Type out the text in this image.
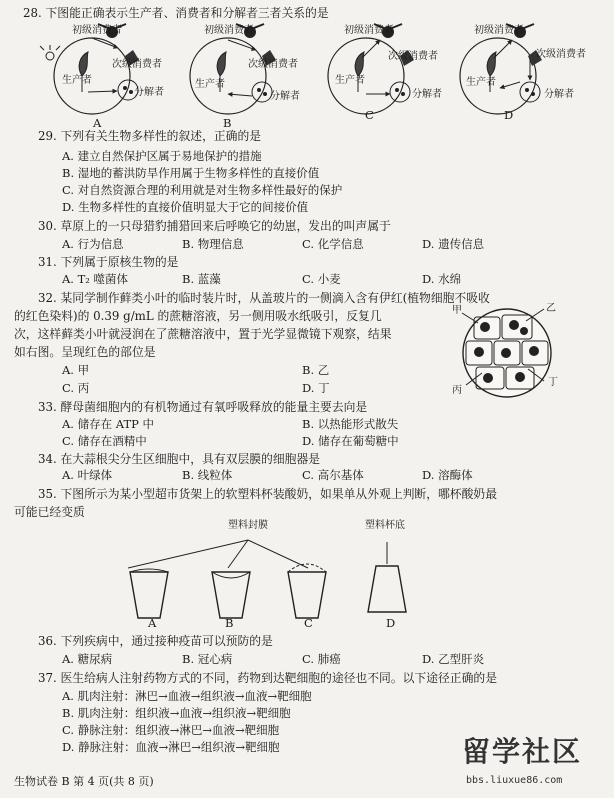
28. 下图能正确表示生产者、消费者和分解者三者关系的是
初级消费者
次级消费者
生产者
分解者
初级消费者
次级消费者
生产者
分解者
初级消费者
次级消费者
生产者
分解者
初级消费者
次级消费者
生产者
分解者
A	B
C	D
29. 下列有关生物多样性的叙述，正确的是
A. 建立自然保护区属于易地保护的措施
B. 湿地的蓄洪防旱作用属于生物多样性的直接价值
C. 对自然资源合理的利用就是对生物多样性最好的保护
D. 生物多样性的直接价值明显大于它的间接价值
30. 草原上的一只母猎豹捕猎回来后呼唤它的幼崽，发出的叫声属于
A. 行为信息	B. 物理信息	C. 化学信息	D. 遗传信息
31. 下列属于原核生物的是
A. T₂ 噬菌体	B. 蓝藻	C. 小麦	D. 水绵
32. 某同学制作藓类小叶的临时装片时，从盖玻片的一侧滴入含有伊红(植物细胞不吸收
的红色染料)的 0.39 g/mL 的蔗糖溶液，另一侧用吸水纸吸引，反复几
次，这样藓类小叶就浸润在了蔗糖溶液中，置于光学显微镜下观察，结果
如右图。呈现红色的部位是
A. 甲	B. 乙
C. 丙	D. 丁
甲	乙
丙
丁
33. 酵母菌细胞内的有机物通过有氧呼吸释放的能量主要去向是
A. 储存在 ATP 中	B. 以热能形式散失
C. 储存在酒精中	D. 储存在葡萄糖中
34. 在大蒜根尖分生区细胞中，具有双层膜的细胞器是
A. 叶绿体	B. 线粒体	C. 高尔基体	D. 溶酶体
35. 下图所示为某小型超市货架上的软塑料杯装酸奶，如果单从外观上判断，哪杯酸奶最
可能已经变质
塑料封膜	塑料杯底
A	B	C	D
36. 下列疾病中，通过接种疫苗可以预防的是
A. 糖尿病	B. 冠心病	C. 肺癌	D. 乙型肝炎
37. 医生给病人注射药物方式的不同，药物到达靶细胞的途径也不同。以下途径正确的是
A. 肌肉注射：淋巴→血液→组织液→血液→靶细胞
B. 肌肉注射：组织液→血液→组织液→靶细胞
C. 静脉注射：组织液→淋巴→血液→靶细胞
D. 静脉注射：血液→淋巴→组织液→靶细胞
生物试卷 B 第 4 页(共 8 页)
留学社区
bbs.liuxue86.com
